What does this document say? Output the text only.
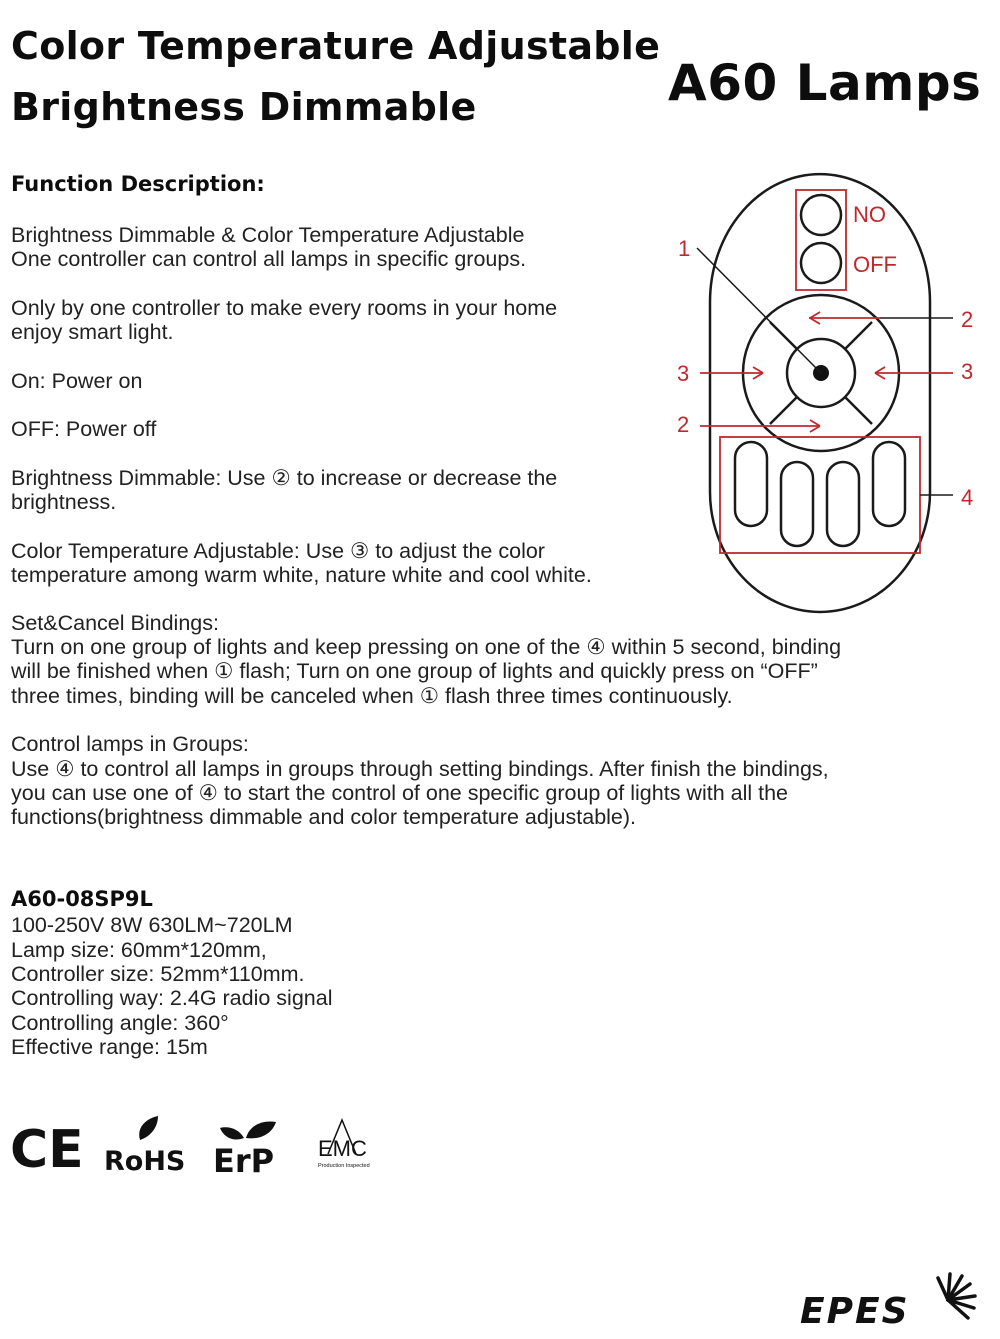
Color Temperature Adjustable
Brightness Dimmable	A60 Lamps
Function Description:
Brightness Dimmable & Color Temperature Adjustable
One controller can control all lamps in specific groups.
Only by one controller to make every rooms in your home
enjoy smart light.
On: Power on
OFF: Power off
Brightness Dimmable: Use ② to increase or decrease the
brightness.
Color Temperature Adjustable: Use ③ to adjust the color
temperature among warm white, nature white and cool white.
Set&Cancel Bindings:
Turn on one group of lights and keep pressing on one of the ④ within 5 second, binding
will be finished when ① flash; Turn on one group of lights and quickly press on “OFF”
three times, binding will be canceled when ① flash three times continuously.
Control lamps in Groups:
Use ④ to control all lamps in groups through setting bindings. After finish the bindings,
you can use one of ④ to start the control of one specific group of lights with all the
functions(brightness dimmable and color temperature adjustable).
A60-08SP9L
100-250V 8W 630LM~720LM
Lamp size: 60mm*120mm,
Controller size: 52mm*110mm.
Controlling way: 2.4G radio signal
Controlling angle: 360°
Effective range: 15m
NO
OFF
1
2
3
3
2
4
CE RoHS ErP EMC
Production Inspected
EPES
